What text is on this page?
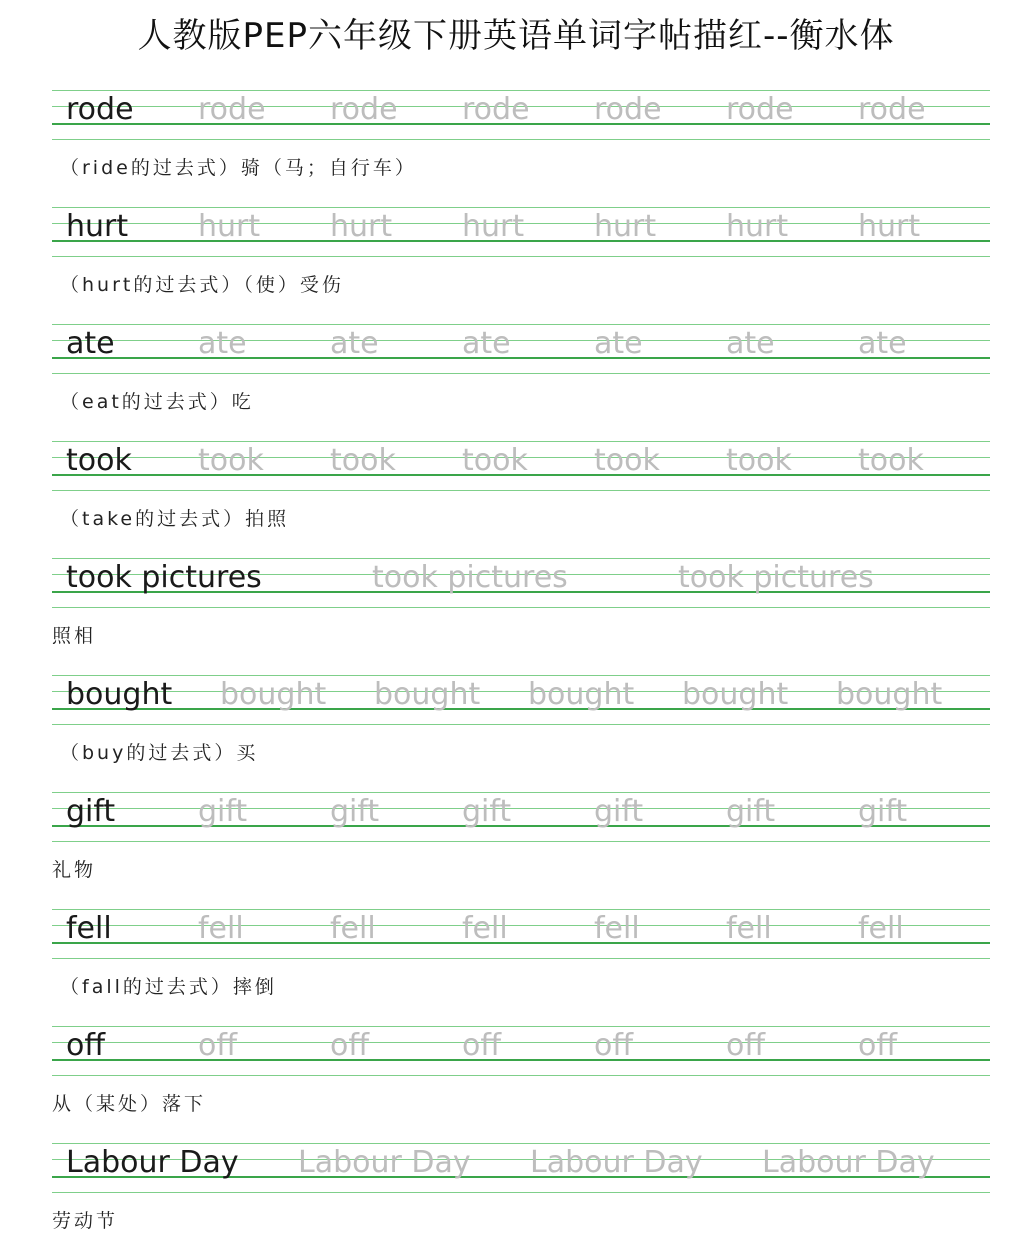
人教版PEP六年级下册英语单词字帖描红--衡水体
rode rode rode rode rode rode rode
（ride的过去式）骑（马；自行车）
hurt hurt hurt hurt hurt hurt hurt
（hurt的过去式）（使）受伤
ate	ate	ate	ate	ate	ate	ate
（eat的过去式）吃
took took took took took took took
（take的过去式）拍照
took pictures	took pictures	took pictures
照相
bought bought bought bought bought bought
（buy的过去式）买
gift	gift	gift	gift	gift	gift	gift
礼物
fell	fell	fell	fell	fell	fell	fell
（fall的过去式）摔倒
off	off	off	off	off	off	off
从（某处）落下
Labour Day Labour Day Labour Day Labour Day
劳动节
